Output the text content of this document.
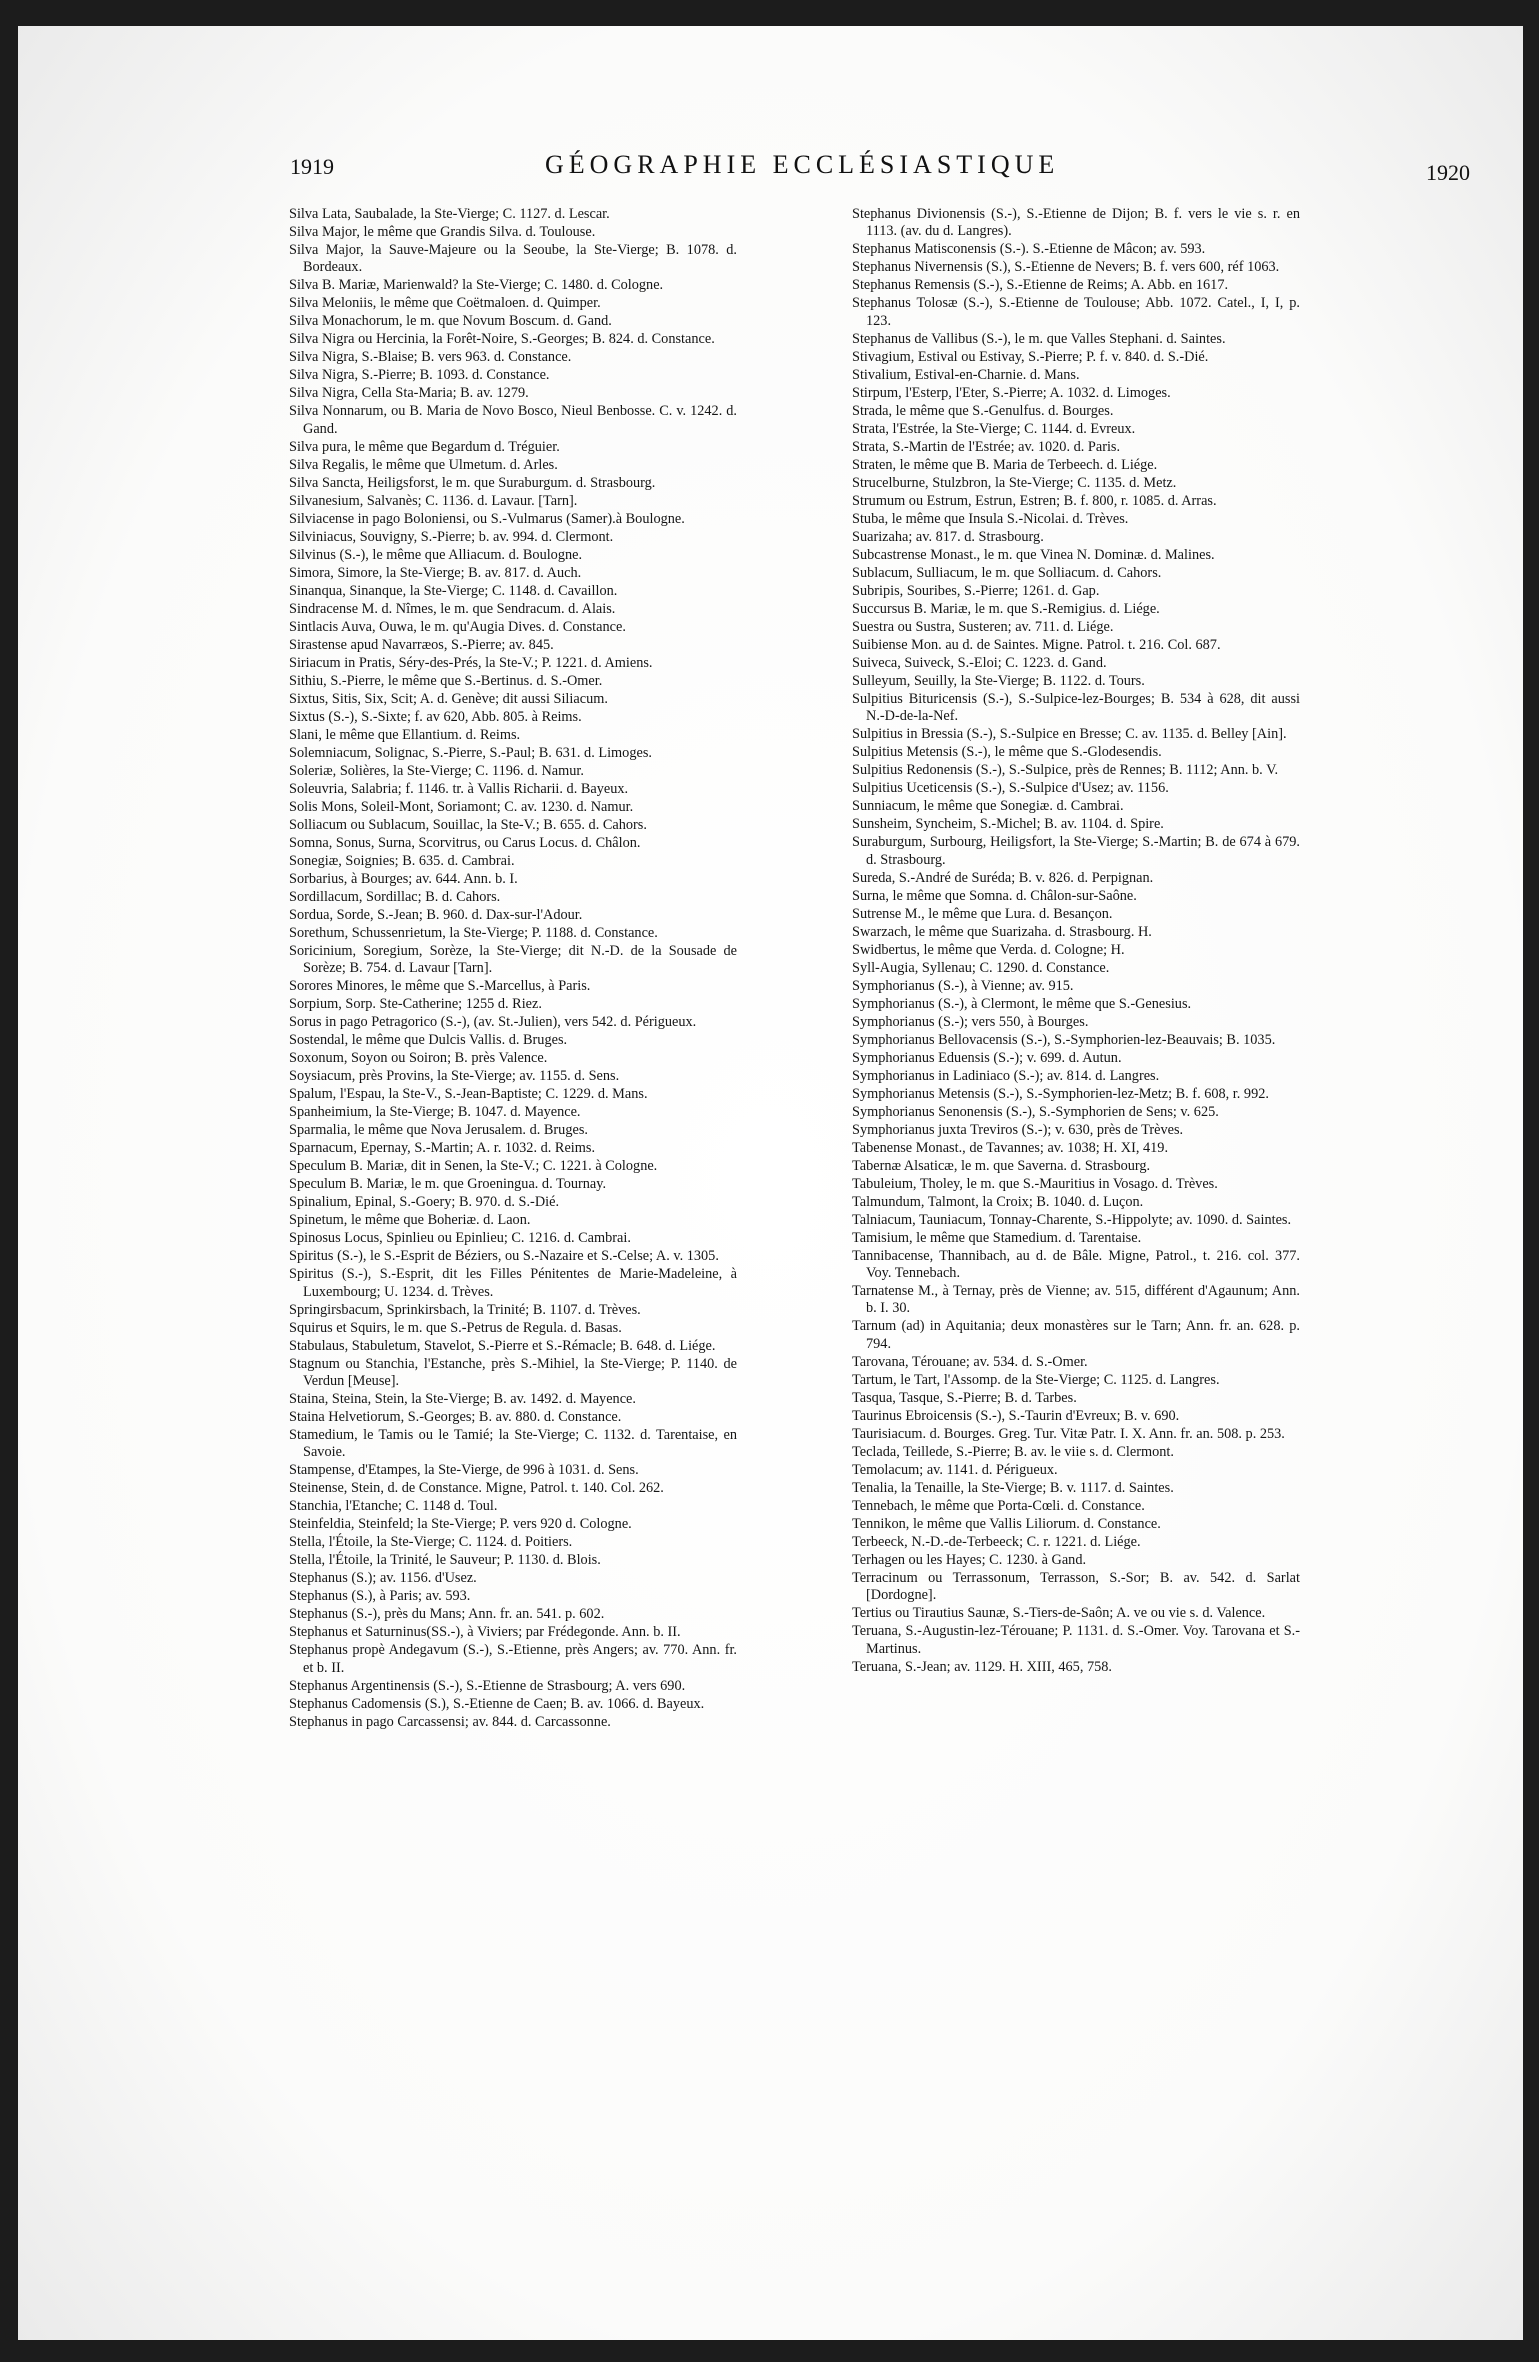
1919	GÉOGRAPHIE ECCLÉSIASTIQUE	1920

Silva Lata, Saubalade, la Ste-Vierge; C. 1127. d. Lescar.

Silva Major, le même que Grandis Silva. d. Toulouse.

Silva Major, la Sauve-Majeure ou la Seoube, la Ste-Vierge; B. 1078. d. Bordeaux.

Silva B. Mariæ, Marienwald? la Ste-Vierge; C. 1480. d. Cologne.

Silva Meloniis, le même que Coëtmaloen. d. Quimper.

Silva Monachorum, le m. que Novum Boscum. d. Gand.

Silva Nigra ou Hercinia, la Forêt-Noire, S.-Georges; B. 824. d. Constance.

Silva Nigra, S.-Blaise; B. vers 963. d. Constance.

Silva Nigra, S.-Pierre; B. 1093. d. Constance.

Silva Nigra, Cella Sta-Maria; B. av. 1279.

Silva Nonnarum, ou B. Maria de Novo Bosco, Nieul Benbosse. C. v. 1242. d. Gand.

Silva pura, le même que Begardum d. Tréguier.

Silva Regalis, le même que Ulmetum. d. Arles.

Silva Sancta, Heiligsforst, le m. que Suraburgum. d. Strasbourg.

Silvanesium, Salvanès; C. 1136. d. Lavaur. [Tarn].

Silviacense in pago Boloniensi, ou S.-Vulmarus (Samer).à Boulogne.

Silviniacus, Souvigny, S.-Pierre; b. av. 994. d. Clermont.

Silvinus (S.-), le même que Alliacum. d. Boulogne.

Simora, Simore, la Ste-Vierge; B. av. 817. d. Auch.

Sinanqua, Sinanque, la Ste-Vierge; C. 1148. d. Cavaillon.

Sindracense M. d. Nîmes, le m. que Sendracum. d. Alais.

Sintlacis Auva, Ouwa, le m. qu'Augia Dives. d. Constance.

Sirastense apud Navarræos, S.-Pierre; av. 845.

Siriacum in Pratis, Séry-des-Prés, la Ste-V.; P. 1221. d. Amiens.

Sithiu, S.-Pierre, le même que S.-Bertinus. d. S.-Omer.

Sixtus, Sitis, Six, Scit; A. d. Genève; dit aussi Siliacum.

Sixtus (S.-), S.-Sixte; f. av 620, Abb. 805. à Reims.

Slani, le même que Ellantium. d. Reims.

Solemniacum, Solignac, S.-Pierre, S.-Paul; B. 631. d. Limoges.

Soleriæ, Solières, la Ste-Vierge; C. 1196. d. Namur.

Soleuvria, Salabria; f. 1146. tr. à Vallis Richarii. d. Bayeux.

Solis Mons, Soleil-Mont, Soriamont; C. av. 1230. d. Namur.

Solliacum ou Sublacum, Souillac, la Ste-V.; B. 655. d. Cahors.

Somna, Sonus, Surna, Scorvitrus, ou Carus Locus. d. Châlon.

Sonegiæ, Soignies; B. 635. d. Cambrai.

Sorbarius, à Bourges; av. 644. Ann. b. I.

Sordillacum, Sordillac; B. d. Cahors.

Sordua, Sorde, S.-Jean; B. 960. d. Dax-sur-l'Adour.

Sorethum, Schussenrietum, la Ste-Vierge; P. 1188. d. Constance.

Soricinium, Soregium, Sorèze, la Ste-Vierge; dit N.-D. de la Sousade de Sorèze; B. 754. d. Lavaur [Tarn].

Sorores Minores, le même que S.-Marcellus, à Paris.

Sorpium, Sorp. Ste-Catherine; 1255 d. Riez.

Sorus in pago Petragorico (S.-), (av. St.-Julien), vers 542. d. Périgueux.

Sostendal, le même que Dulcis Vallis. d. Bruges.

Soxonum, Soyon ou Soiron; B. près Valence.

Soysiacum, près Provins, la Ste-Vierge; av. 1155. d. Sens.

Spalum, l'Espau, la Ste-V., S.-Jean-Baptiste; C. 1229. d. Mans.

Spanheimium, la Ste-Vierge; B. 1047. d. Mayence.

Sparmalia, le même que Nova Jerusalem. d. Bruges.

Sparnacum, Epernay, S.-Martin; A. r. 1032. d. Reims.

Speculum B. Mariæ, dit in Senen, la Ste-V.; C. 1221. à Cologne.

Speculum B. Mariæ, le m. que Groeningua. d. Tournay.

Spinalium, Epinal, S.-Goery; B. 970. d. S.-Dié.

Spinetum, le même que Boheriæ. d. Laon.

Spinosus Locus, Spinlieu ou Epinlieu; C. 1216. d. Cambrai.

Spiritus (S.-), le S.-Esprit de Béziers, ou S.-Nazaire et S.-Celse; A. v. 1305.

Spiritus (S.-), S.-Esprit, dit les Filles Pénitentes de Marie-Madeleine, à Luxembourg; U. 1234. d. Trèves.

Springirsbacum, Sprinkirsbach, la Trinité; B. 1107. d. Trèves.

Squirus et Squirs, le m. que S.-Petrus de Regula. d. Basas.

Stabulaus, Stabuletum, Stavelot, S.-Pierre et S.-Rémacle; B. 648. d. Liége.

Stagnum ou Stanchia, l'Estanche, près S.-Mihiel, la Ste-Vierge; P. 1140. de Verdun [Meuse].

Staina, Steina, Stein, la Ste-Vierge; B. av. 1492. d. Mayence.

Staina Helvetiorum, S.-Georges; B. av. 880. d. Constance.

Stamedium, le Tamis ou le Tamié; la Ste-Vierge; C. 1132. d. Tarentaise, en Savoie.

Stampense, d'Etampes, la Ste-Vierge, de 996 à 1031. d. Sens.

Steinense, Stein, d. de Constance. Migne, Patrol. t. 140. Col. 262.

Stanchia, l'Etanche; C. 1148 d. Toul.

Steinfeldia, Steinfeld; la Ste-Vierge; P. vers 920 d. Cologne.

Stella, l'Étoile, la Ste-Vierge; C. 1124. d. Poitiers.

Stella, l'Étoile, la Trinité, le Sauveur; P. 1130. d. Blois.

Stephanus (S.); av. 1156. d'Usez.

Stephanus (S.), à Paris; av. 593.

Stephanus (S.-), près du Mans; Ann. fr. an. 541. p. 602.

Stephanus et Saturninus(SS.-), à Viviers; par Frédegonde. Ann. b. II.

Stephanus propè Andegavum (S.-), S.-Etienne, près Angers; av. 770. Ann. fr. et b. II.

Stephanus Argentinensis (S.-), S.-Etienne de Strasbourg; A. vers 690.

Stephanus Cadomensis (S.), S.-Etienne de Caen; B. av. 1066. d. Bayeux.

Stephanus in pago Carcassensi; av. 844. d. Carcassonne.

Stephanus Divionensis (S.-), S.-Etienne de Dijon; B. f. vers le vie s. r. en 1113. (av. du d. Langres).

Stephanus Matisconensis (S.-). S.-Etienne de Mâcon; av. 593.

Stephanus Nivernensis (S.), S.-Etienne de Nevers; B. f. vers 600, réf 1063.

Stephanus Remensis (S.-), S.-Etienne de Reims; A. Abb. en 1617.

Stephanus Tolosæ (S.-), S.-Etienne de Toulouse; Abb. 1072. Catel., I, I, p. 123.

Stephanus de Vallibus (S.-), le m. que Valles Stephani. d. Saintes.

Stivagium, Estival ou Estivay, S.-Pierre; P. f. v. 840. d. S.-Dié.

Stivalium, Estival-en-Charnie. d. Mans.

Stirpum, l'Esterp, l'Eter, S.-Pierre; A. 1032. d. Limoges.

Strada, le même que S.-Genulfus. d. Bourges.

Strata, l'Estrée, la Ste-Vierge; C. 1144. d. Evreux.

Strata, S.-Martin de l'Estrée; av. 1020. d. Paris.

Straten, le même que B. Maria de Terbeech. d. Liége.

Strucelburne, Stulzbron, la Ste-Vierge; C. 1135. d. Metz.

Strumum ou Estrum, Estrun, Estren; B. f. 800, r. 1085. d. Arras.

Stuba, le même que Insula S.-Nicolai. d. Trèves.

Suarizaha; av. 817. d. Strasbourg.

Subcastrense Monast., le m. que Vinea N. Dominæ. d. Malines.

Sublacum, Sulliacum, le m. que Solliacum. d. Cahors.

Subripis, Souribes, S.-Pierre; 1261. d. Gap.

Succursus B. Mariæ, le m. que S.-Remigius. d. Liége.

Suestra ou Sustra, Susteren; av. 711. d. Liége.

Suibiense Mon. au d. de Saintes. Migne. Patrol. t. 216. Col. 687.

Suiveca, Suiveck, S.-Eloi; C. 1223. d. Gand.

Sulleyum, Seuilly, la Ste-Vierge; B. 1122. d. Tours.

Sulpitius Bituricensis (S.-), S.-Sulpice-lez-Bourges; B. 534 à 628, dit aussi N.-D-de-la-Nef.

Sulpitius in Bressia (S.-), S.-Sulpice en Bresse; C. av. 1135. d. Belley [Ain].

Sulpitius Metensis (S.-), le même que S.-Glodesendis.

Sulpitius Redonensis (S.-), S.-Sulpice, près de Rennes; B. 1112; Ann. b. V.

Sulpitius Uceticensis (S.-), S.-Sulpice d'Usez; av. 1156.

Sunniacum, le même que Sonegiæ. d. Cambrai.

Sunsheim, Syncheim, S.-Michel; B. av. 1104. d. Spire.

Suraburgum, Surbourg, Heiligsfort, la Ste-Vierge; S.-Martin; B. de 674 à 679. d. Strasbourg.

Sureda, S.-André de Suréda; B. v. 826. d. Perpignan.

Surna, le même que Somna. d. Châlon-sur-Saône.

Sutrense M., le même que Lura. d. Besançon.

Swarzach, le même que Suarizaha. d. Strasbourg. H.

Swidbertus, le même que Verda. d. Cologne; H.

Syll-Augia, Syllenau; C. 1290. d. Constance.

Symphorianus (S.-), à Vienne; av. 915.

Symphorianus (S.-), à Clermont, le même que S.-Genesius.

Symphorianus (S.-); vers 550, à Bourges.

Symphorianus Bellovacensis (S.-), S.-Symphorien-lez-Beauvais; B. 1035.

Symphorianus Eduensis (S.-); v. 699. d. Autun.

Symphorianus in Ladiniaco (S.-); av. 814. d. Langres.

Symphorianus Metensis (S.-), S.-Symphorien-lez-Metz; B. f. 608, r. 992.

Symphorianus Senonensis (S.-), S.-Symphorien de Sens; v. 625.

Symphorianus juxta Treviros (S.-); v. 630, près de Trèves.

Tabenense Monast., de Tavannes; av. 1038; H. XI, 419.

Tabernæ Alsaticæ, le m. que Saverna. d. Strasbourg.

Tabuleium, Tholey, le m. que S.-Mauritius in Vosago. d. Trèves.

Talmundum, Talmont, la Croix; B. 1040. d. Luçon.

Talniacum, Tauniacum, Tonnay-Charente, S.-Hippolyte; av. 1090. d. Saintes.

Tamisium, le même que Stamedium. d. Tarentaise.

Tannibacense, Thannibach, au d. de Bâle. Migne, Patrol., t. 216. col. 377. Voy. Tennebach.

Tarnatense M., à Ternay, près de Vienne; av. 515, différent d'Agaunum; Ann. b. I. 30.

Tarnum (ad) in Aquitania; deux monastères sur le Tarn; Ann. fr. an. 628. p. 794.

Tarovana, Térouane; av. 534. d. S.-Omer.

Tartum, le Tart, l'Assomp. de la Ste-Vierge; C. 1125. d. Langres.

Tasqua, Tasque, S.-Pierre; B. d. Tarbes.

Taurinus Ebroicensis (S.-), S.-Taurin d'Evreux; B. v. 690.

Taurisiacum. d. Bourges. Greg. Tur. Vitæ Patr. I. X. Ann. fr. an. 508. p. 253.

Teclada, Teillede, S.-Pierre; B. av. le viie s. d. Clermont.

Temolacum; av. 1141. d. Périgueux.

Tenalia, la Tenaille, la Ste-Vierge; B. v. 1117. d. Saintes.

Tennebach, le même que Porta-Cœli. d. Constance.

Tennikon, le même que Vallis Liliorum. d. Constance.

Terbeeck, N.-D.-de-Terbeeck; C. r. 1221. d. Liége.

Terhagen ou les Hayes; C. 1230. à Gand.

Terracinum ou Terrassonum, Terrasson, S.-Sor; B. av. 542. d. Sarlat [Dordogne].

Tertius ou Tirautius Saunæ, S.-Tiers-de-Saôn; A. ve ou vie s. d. Valence.

Teruana, S.-Augustin-lez-Térouane; P. 1131. d. S.-Omer. Voy. Tarovana et S.-Martinus.

Teruana, S.-Jean; av. 1129. H. XIII, 465, 758.
